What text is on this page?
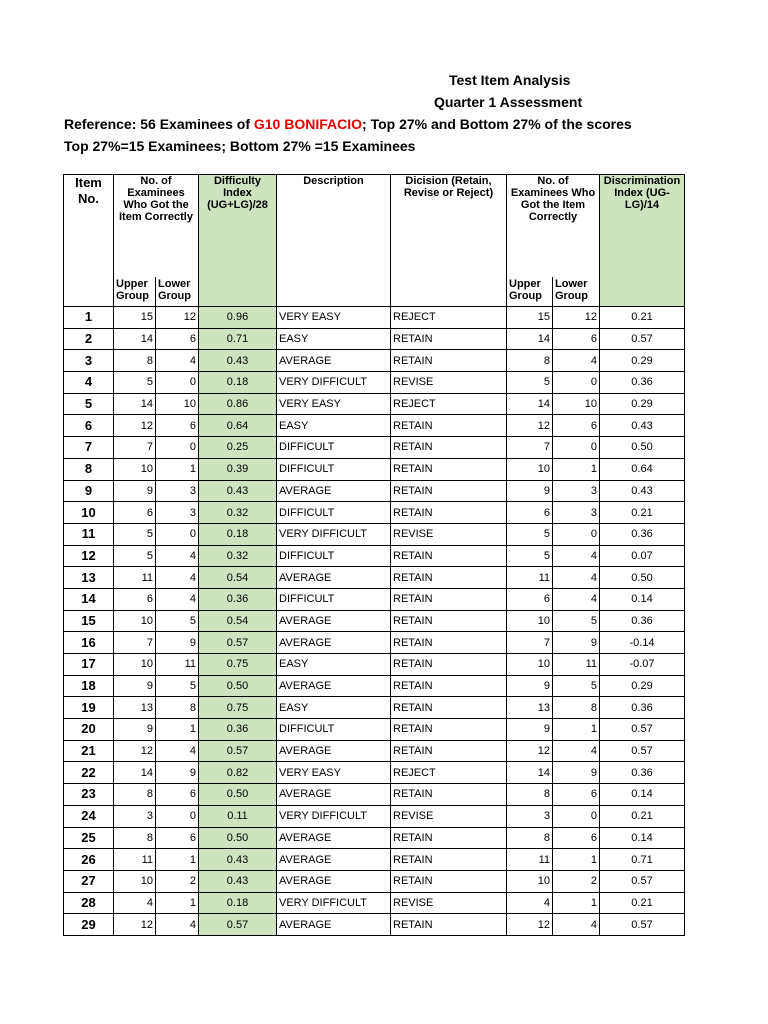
Test Item Analysis
Quarter 1 Assessment
Reference: 56 Examinees of G10 BONIFACIO; Top 27% and Bottom 27% of the scores
Top 27%=15 Examinees; Bottom 27% =15 Examinees
Item No.	No. of Examinees Who Got the Item Correctly		Difficulty Index (UG+LG)/28	Description	Dicision (Retain, Revise or Reject)	No. of Examinees Who Got the Item Correctly		Discrimination Index (UG-LG)/14
	Upper Group	Lower Group				Upper Group	Lower Group	
1	15	12	0.96	VERY EASY	REJECT	15	12	0.21
2	14	6	0.71	EASY	RETAIN	14	6	0.57
3	8	4	0.43	AVERAGE	RETAIN	8	4	0.29
4	5	0	0.18	VERY DIFFICULT	REVISE	5	0	0.36
5	14	10	0.86	VERY EASY	REJECT	14	10	0.29
6	12	6	0.64	EASY	RETAIN	12	6	0.43
7	7	0	0.25	DIFFICULT	RETAIN	7	0	0.50
8	10	1	0.39	DIFFICULT	RETAIN	10	1	0.64
9	9	3	0.43	AVERAGE	RETAIN	9	3	0.43
10	6	3	0.32	DIFFICULT	RETAIN	6	3	0.21
11	5	0	0.18	VERY DIFFICULT	REVISE	5	0	0.36
12	5	4	0.32	DIFFICULT	RETAIN	5	4	0.07
13	11	4	0.54	AVERAGE	RETAIN	11	4	0.50
14	6	4	0.36	DIFFICULT	RETAIN	6	4	0.14
15	10	5	0.54	AVERAGE	RETAIN	10	5	0.36
16	7	9	0.57	AVERAGE	RETAIN	7	9	-0.14
17	10	11	0.75	EASY	RETAIN	10	11	-0.07
18	9	5	0.50	AVERAGE	RETAIN	9	5	0.29
19	13	8	0.75	EASY	RETAIN	13	8	0.36
20	9	1	0.36	DIFFICULT	RETAIN	9	1	0.57
21	12	4	0.57	AVERAGE	RETAIN	12	4	0.57
22	14	9	0.82	VERY EASY	REJECT	14	9	0.36
23	8	6	0.50	AVERAGE	RETAIN	8	6	0.14
24	3	0	0.11	VERY DIFFICULT	REVISE	3	0	0.21
25	8	6	0.50	AVERAGE	RETAIN	8	6	0.14
26	11	1	0.43	AVERAGE	RETAIN	11	1	0.71
27	10	2	0.43	AVERAGE	RETAIN	10	2	0.57
28	4	1	0.18	VERY DIFFICULT	REVISE	4	1	0.21
29	12	4	0.57	AVERAGE	RETAIN	12	4	0.57
